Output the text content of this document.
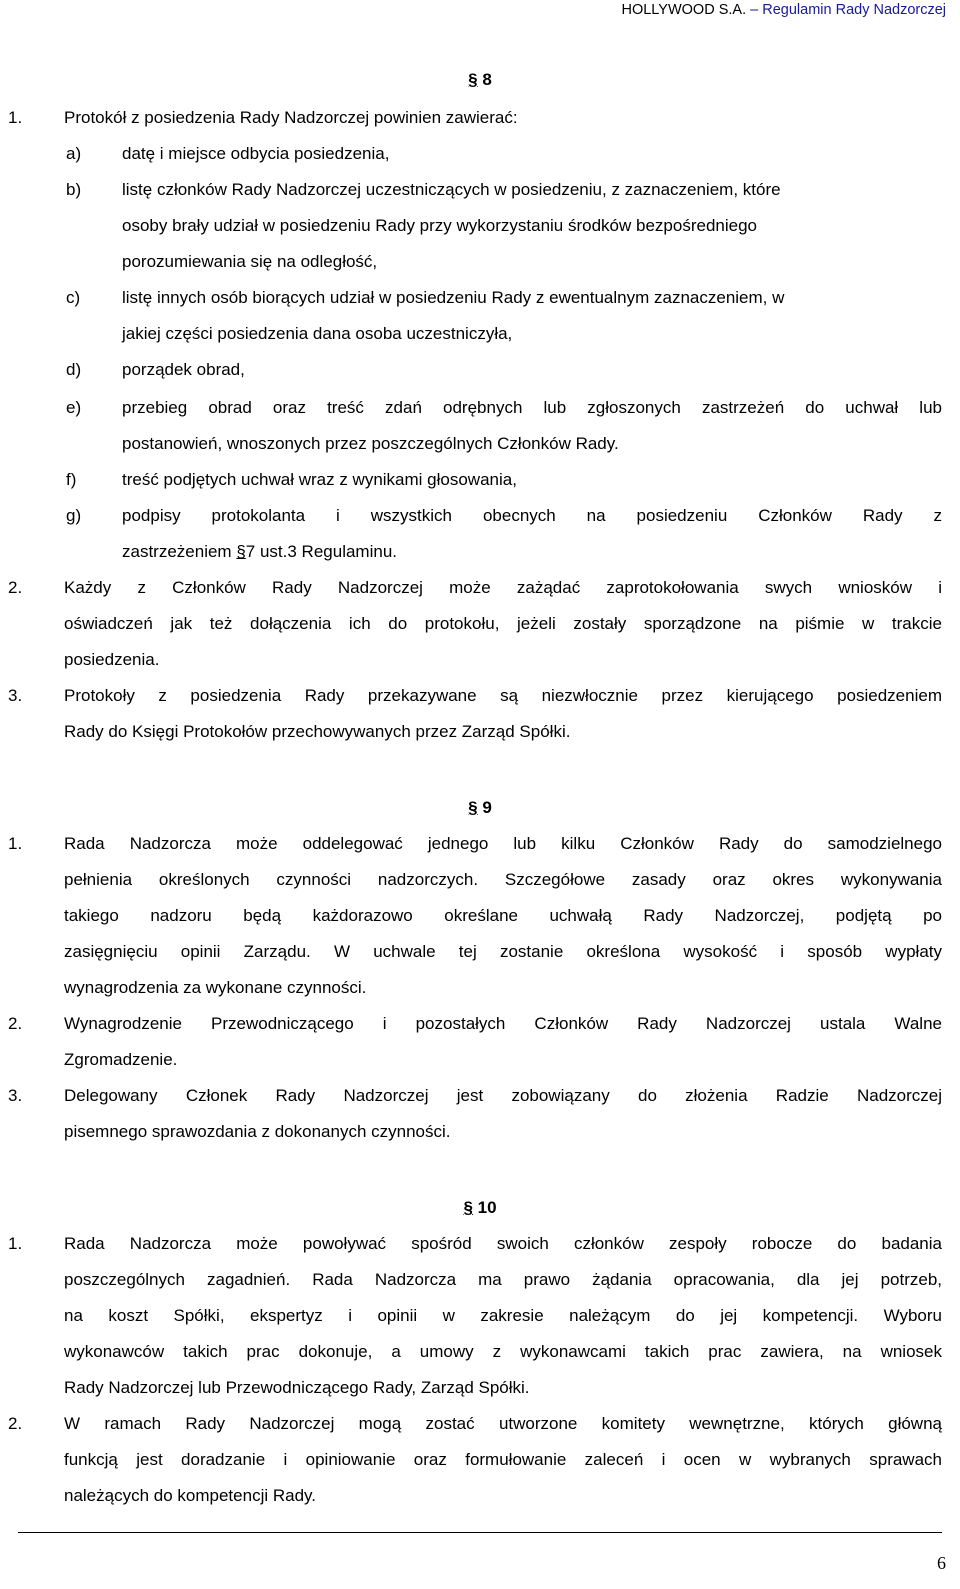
HOLLYWOOD S.A. – Regulamin Rady Nadzorczej
§ 8
1. Protokół z posiedzenia Rady Nadzorczej powinien zawierać:
a) datę i miejsce odbycia posiedzenia,
b) listę członków Rady Nadzorczej uczestniczących w posiedzeniu, z zaznaczeniem, które
osoby brały udział w posiedzeniu Rady przy wykorzystaniu środków bezpośredniego
porozumiewania się na odległość,
c) listę innych osób biorących udział w posiedzeniu Rady z ewentualnym zaznaczeniem, w
jakiej części posiedzenia dana osoba uczestniczyła,
d) porządek obrad,
e) przebieg obrad oraz treść zdań odrębnych lub zgłoszonych zastrzeżeń do uchwał lub
postanowień, wnoszonych przez poszczególnych Członków Rady.
f)	treść podjętych uchwał wraz z wynikami głosowania,
g) podpisy protokolanta i wszystkich obecnych na posiedzeniu Członków Rady z
zastrzeżeniem §7 ust.3 Regulaminu.
2. Każdy z Członków Rady Nadzorczej może zażądać zaprotokołowania swych wniosków i
oświadczeń jak też dołączenia ich do protokołu, jeżeli zostały sporządzone na piśmie w trakcie
posiedzenia.
3. Protokoły z posiedzenia Rady przekazywane są niezwłocznie przez kierującego posiedzeniem
Rady do Księgi Protokołów przechowywanych przez Zarząd Spółki.
§ 9
1. Rada Nadzorcza może oddelegować jednego lub kilku Członków Rady do samodzielnego
pełnienia określonych czynności nadzorczych. Szczegółowe zasady oraz okres wykonywania
takiego nadzoru będą każdorazowo określane uchwałą Rady Nadzorczej, podjętą po
zasięgnięciu opinii Zarządu. W uchwale tej zostanie określona wysokość i sposób wypłaty
wynagrodzenia za wykonane czynności.
2. Wynagrodzenie Przewodniczącego i pozostałych Członków Rady Nadzorczej ustala Walne
Zgromadzenie.
3. Delegowany Członek Rady Nadzorczej jest zobowiązany do złożenia Radzie Nadzorczej
pisemnego sprawozdania z dokonanych czynności.
§ 10
1. Rada Nadzorcza może powoływać spośród swoich członków zespoły robocze do badania
poszczególnych zagadnień. Rada Nadzorcza ma prawo żądania opracowania, dla jej potrzeb,
na koszt Spółki, ekspertyz i opinii w zakresie należącym do jej kompetencji. Wyboru
wykonawców takich prac dokonuje, a umowy z wykonawcami takich prac zawiera, na wniosek
Rady Nadzorczej lub Przewodniczącego Rady, Zarząd Spółki.
2. W ramach Rady Nadzorczej mogą zostać utworzone komitety wewnętrzne, których główną
funkcją jest doradzanie i opiniowanie oraz formułowanie zaleceń i ocen w wybranych sprawach
należących do kompetencji Rady.
6
